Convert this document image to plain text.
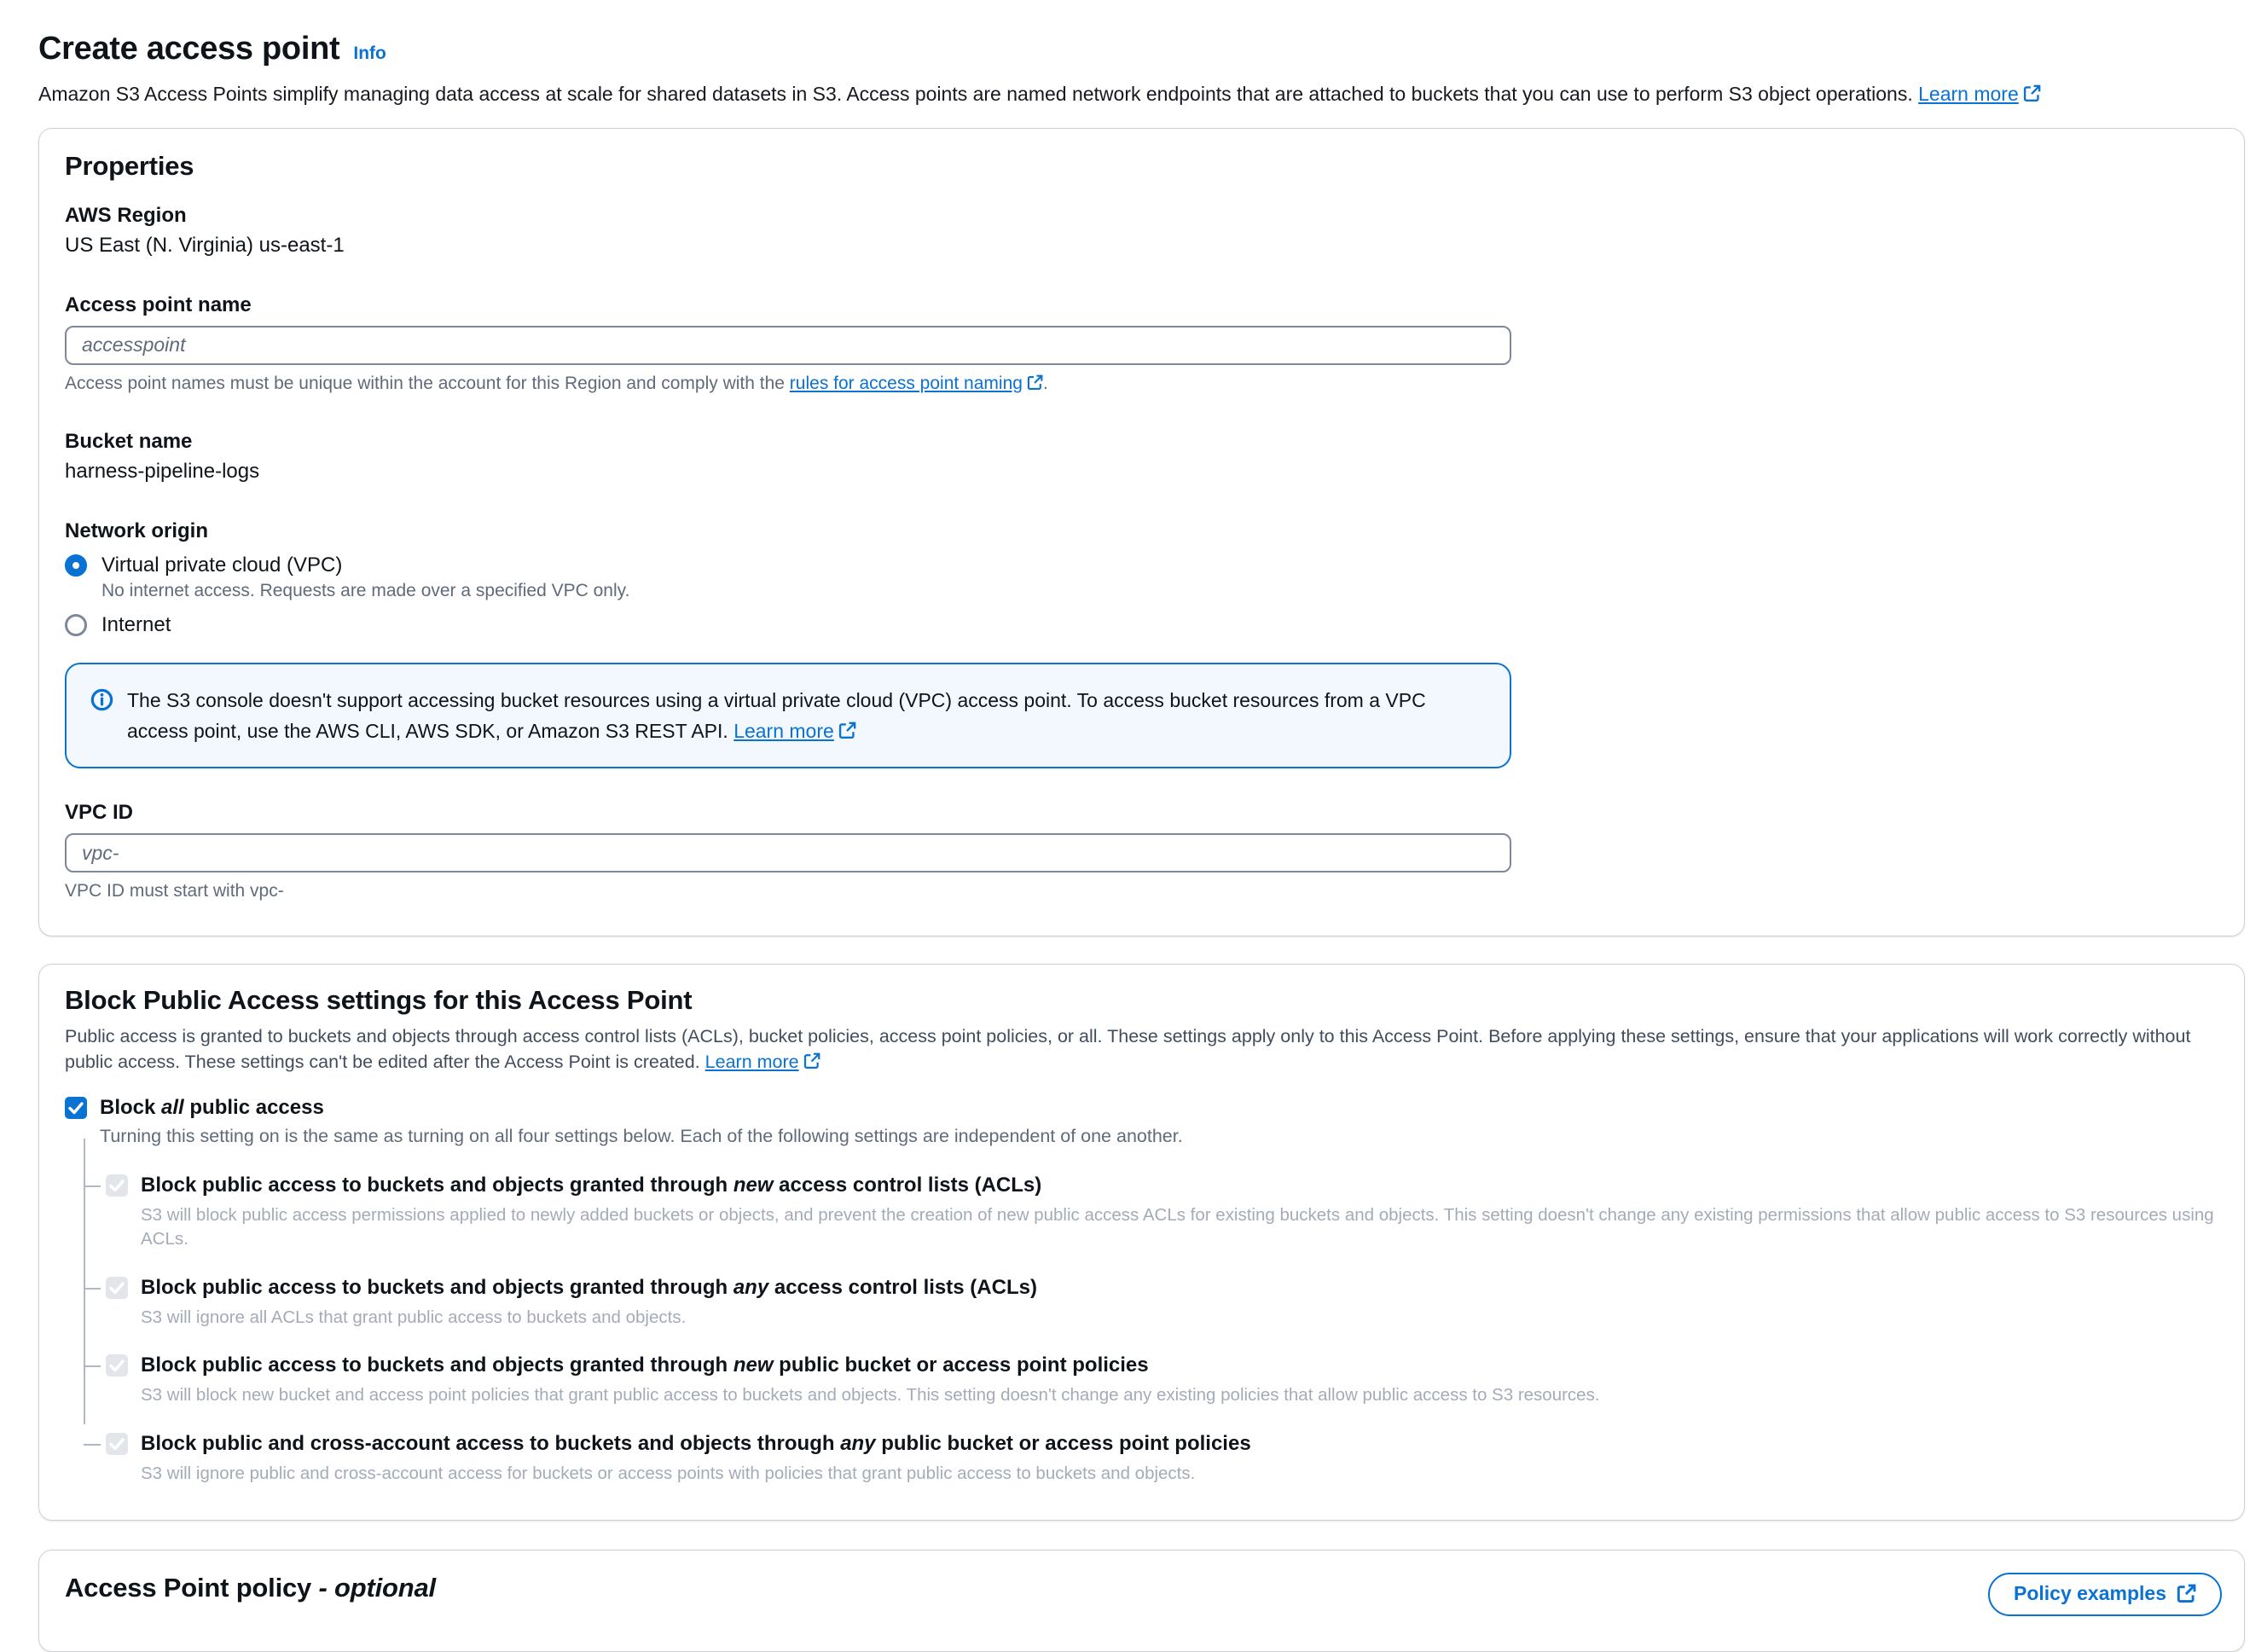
Create access point Info
Amazon S3 Access Points simplify managing data access at scale for shared datasets in S3. Access points are named network endpoints that are attached to buckets that you can use to perform S3 object operations. Learn more
Properties
AWS Region
US East (N. Virginia) us-east-1
Access point name
accesspoint
Access point names must be unique within the account for this Region and comply with the rules for access point naming .
Bucket name
harness-pipeline-logs
Network origin
Virtual private cloud (VPC)
No internet access. Requests are made over a specified VPC only.
Internet
The S3 console doesn't support accessing bucket resources using a virtual private cloud (VPC) access point. To access bucket resources from a VPC access point, use the AWS CLI, AWS SDK, or Amazon S3 REST API. Learn more
VPC ID
vpc-
VPC ID must start with vpc-
Block Public Access settings for this Access Point
Public access is granted to buckets and objects through access control lists (ACLs), bucket policies, access point policies, or all. These settings apply only to this Access Point. Before applying these settings, ensure that your applications will work correctly without public access. These settings can't be edited after the Access Point is created. Learn more
Block all public access
Turning this setting on is the same as turning on all four settings below. Each of the following settings are independent of one another.
Block public access to buckets and objects granted through new access control lists (ACLs)
S3 will block public access permissions applied to newly added buckets or objects, and prevent the creation of new public access ACLs for existing buckets and objects. This setting doesn't change any existing permissions that allow public access to S3 resources using ACLs.
Block public access to buckets and objects granted through any access control lists (ACLs)
S3 will ignore all ACLs that grant public access to buckets and objects.
Block public access to buckets and objects granted through new public bucket or access point policies
S3 will block new bucket and access point policies that grant public access to buckets and objects. This setting doesn't change any existing policies that allow public access to S3 resources.
Block public and cross-account access to buckets and objects through any public bucket or access point policies
S3 will ignore public and cross-account access for buckets or access points with policies that grant public access to buckets and objects.
Access Point policy - optional	Policy examples
